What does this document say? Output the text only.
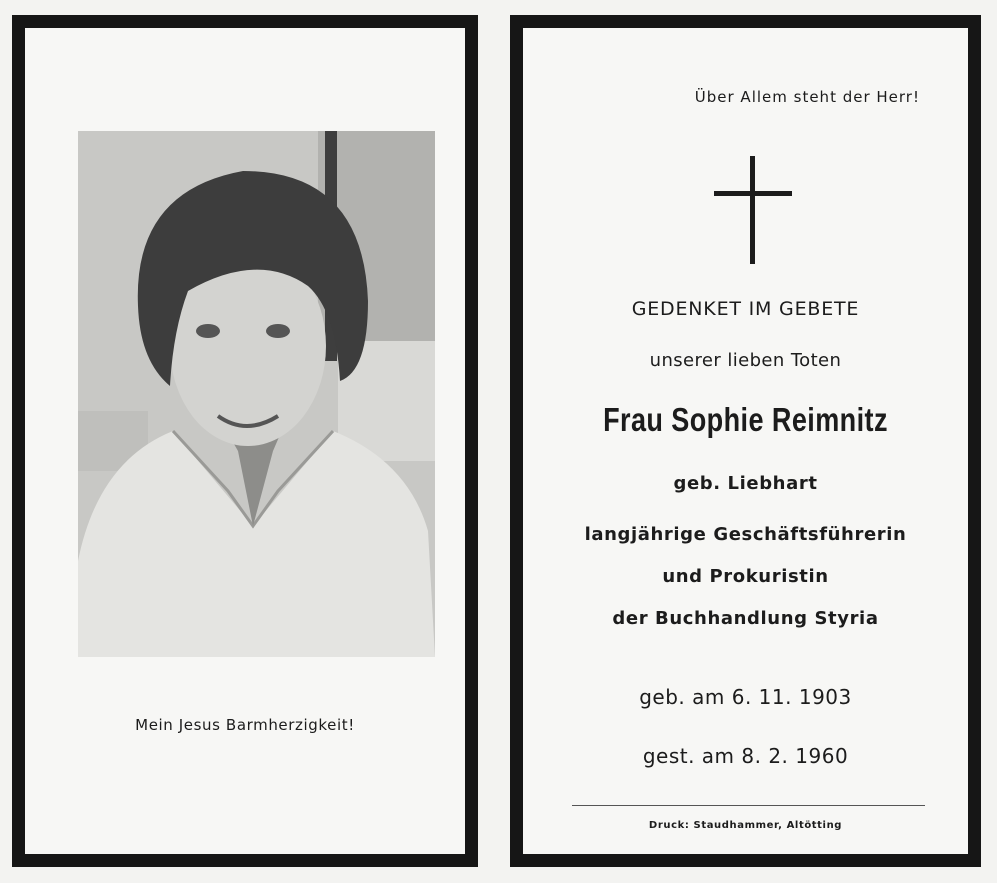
Mein Jesus Barmherzigkeit!
Über Allem steht der Herr!
GEDENKET IM GEBETE
unserer lieben Toten
Frau Sophie Reimnitz
geb. Liebhart
langjährige Geschäftsführerin
und Prokuristin
der Buchhandlung Styria
geb. am 6. 11. 1903
gest. am 8. 2. 1960
Druck: Staudhammer, Altötting
